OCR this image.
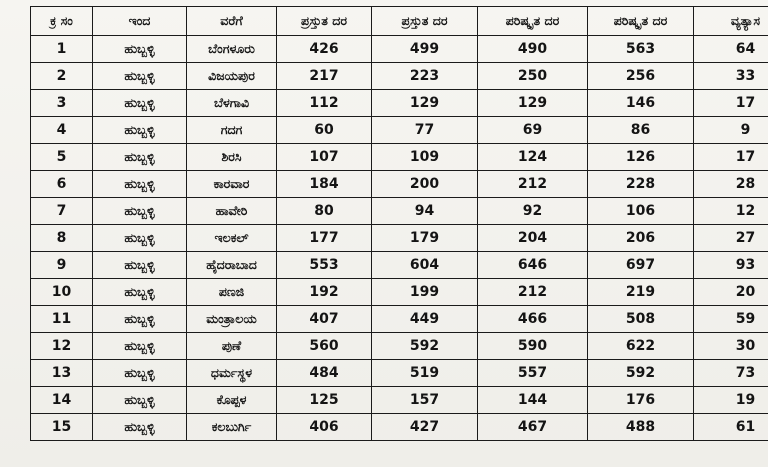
ಕ್ರ ಸಂ	ಇಂದ	ವರೆಗೆ	ಪ್ರಸ್ತುತ ದರ	ಪ್ರಸ್ತುತ ದರ	ಪರಿಷ್ಕೃತ ದರ	ಪರಿಷ್ಕೃತ ದರ	ವ್ಯತ್ಯಾಸ
1	ಹುಬ್ಬಳ್ಳಿ	ಬೆಂಗಳೂರು	426	499	490	563	64
2	ಹುಬ್ಬಳ್ಳಿ	ವಿಜಯಪುರ	217	223	250	256	33
3	ಹುಬ್ಬಳ್ಳಿ	ಬೆಳಗಾವಿ	112	129	129	146	17
4	ಹುಬ್ಬಳ್ಳಿ	ಗದಗ	60	77	69	86	9
5	ಹುಬ್ಬಳ್ಳಿ	ಶಿರಸಿ	107	109	124	126	17
6	ಹುಬ್ಬಳ್ಳಿ	ಕಾರವಾರ	184	200	212	228	28
7	ಹುಬ್ಬಳ್ಳಿ	ಹಾವೇರಿ	80	94	92	106	12
8	ಹುಬ್ಬಳ್ಳಿ	ಇಲಕಲ್	177	179	204	206	27
9	ಹುಬ್ಬಳ್ಳಿ	ಹೈದರಾಬಾದ	553	604	646	697	93
10	ಹುಬ್ಬಳ್ಳಿ	ಪಣಜಿ	192	199	212	219	20
11	ಹುಬ್ಬಳ್ಳಿ	ಮಂತ್ರಾಲಯ	407	449	466	508	59
12	ಹುಬ್ಬಳ್ಳಿ	ಪುಣೆ	560	592	590	622	30
13	ಹುಬ್ಬಳ್ಳಿ	ಧರ್ಮಸ್ಥಳ	484	519	557	592	73
14	ಹುಬ್ಬಳ್ಳಿ	ಕೊಪ್ಪಳ	125	157	144	176	19
15	ಹುಬ್ಬಳ್ಳಿ	ಕಲಬುರ್ಗಿ	406	427	467	488	61
